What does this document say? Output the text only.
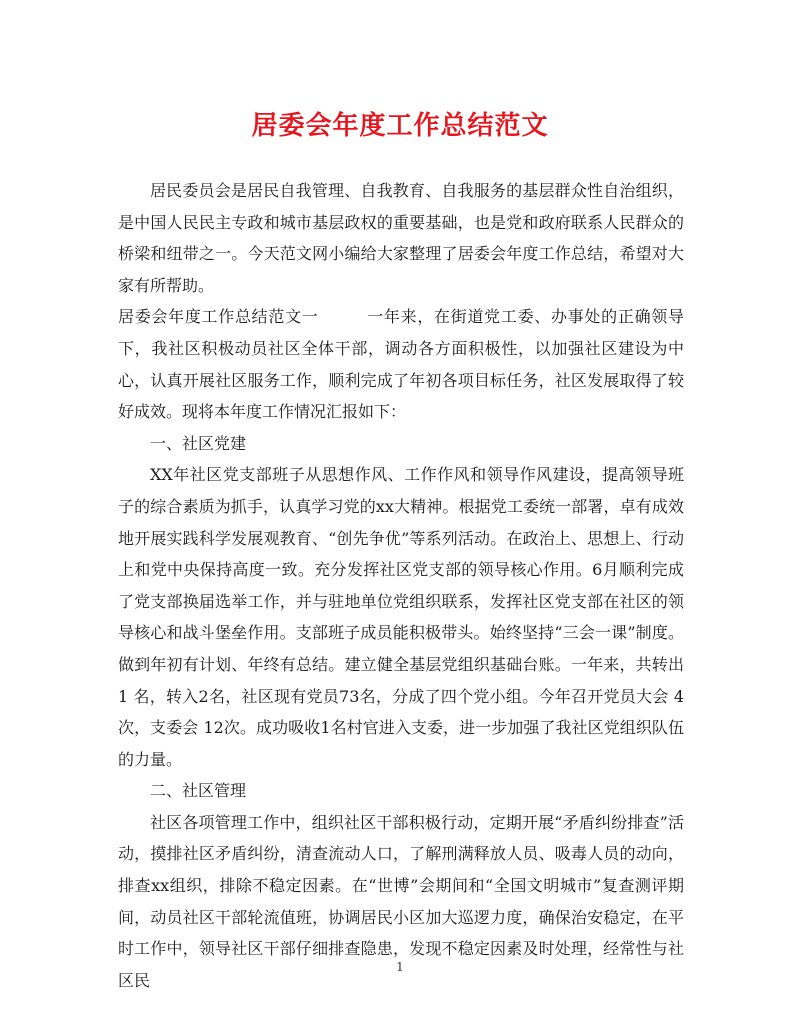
居委会年度工作总结范文

居民委员会是居民自我管理、自我教育、自我服务的基层群众性自治组织，是中国人民民主专政和城市基层政权的重要基础，也是党和政府联系人民群众的桥梁和纽带之一。今天范文网小编给大家整理了居委会年度工作总结，希望对大家有所帮助。

居委会年度工作总结范文一	一年来，在街道党工委、办事处的正确领导下，我社区积极动员社区全体干部，调动各方面积极性，以加强社区建设为中心，认真开展社区服务工作，顺利完成了年初各项目标任务，社区发展取得了较好成效。现将本年度工作情况汇报如下：

一、社区党建

XX年社区党支部班子从思想作风、工作作风和领导作风建设，提高领导班子的综合素质为抓手，认真学习党的xx大精神。根据党工委统一部署，卓有成效地开展实践科学发展观教育、“创先争优”等系列活动。在政治上、思想上、行动上和党中央保持高度一致。充分发挥社区党支部的领导核心作用。6月顺利完成了党支部换届选举工作，并与驻地单位党组织联系，发挥社区党支部在社区的领导核心和战斗堡垒作用。支部班子成员能积极带头。始终坚持“三会一课”制度。做到年初有计划、年终有总结。建立健全基层党组织基础台账。一年来，共转出 1 名，转入2名，社区现有党员73名，分成了四个党小组。今年召开党员大会 4次，支委会 12次。成功吸收1名村官进入支委，进一步加强了我社区党组织队伍的力量。

二、社区管理

社区各项管理工作中，组织社区干部积极行动，定期开展“矛盾纠纷排查”活动，摸排社区矛盾纠纷，清查流动人口，了解刑满释放人员、吸毒人员的动向，排查xx组织，排除不稳定因素。在“世博”会期间和“全国文明城市”复查测评期间，动员社区干部轮流值班，协调居民小区加大巡逻力度，确保治安稳定，在平时工作中，领导社区干部仔细排查隐患，发现不稳定因素及时处理，经常性与社区民

1
